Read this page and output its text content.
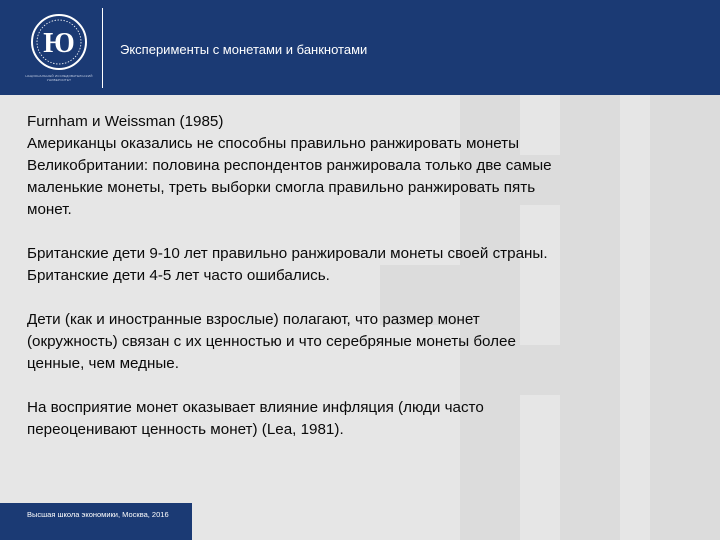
Ю
НАЦИОНАЛЬНЫЙ ИССЛЕДОВАТЕЛЬСКИЙ УНИВЕРСИТЕТ
Эксперименты с монетами и банкнотами
Furnham и Weissman (1985)
Американцы оказались не способны правильно ранжировать монеты
Великобритании: половина респондентов ранжировала только две самые
маленькие монеты, треть выборки смогла правильно ранжировать пять
монет.
Британские дети 9-10 лет правильно ранжировали монеты своей страны.
Британские дети 4-5 лет часто ошибались.
Дети (как и иностранные взрослые) полагают, что размер монет
(окружность) связан с их ценностью и что серебряные монеты более
ценные, чем медные.
На восприятие монет оказывает влияние инфляция (люди часто
переоценивают ценность монет) (Lea, 1981).
Высшая школа экономики, Москва, 2016
